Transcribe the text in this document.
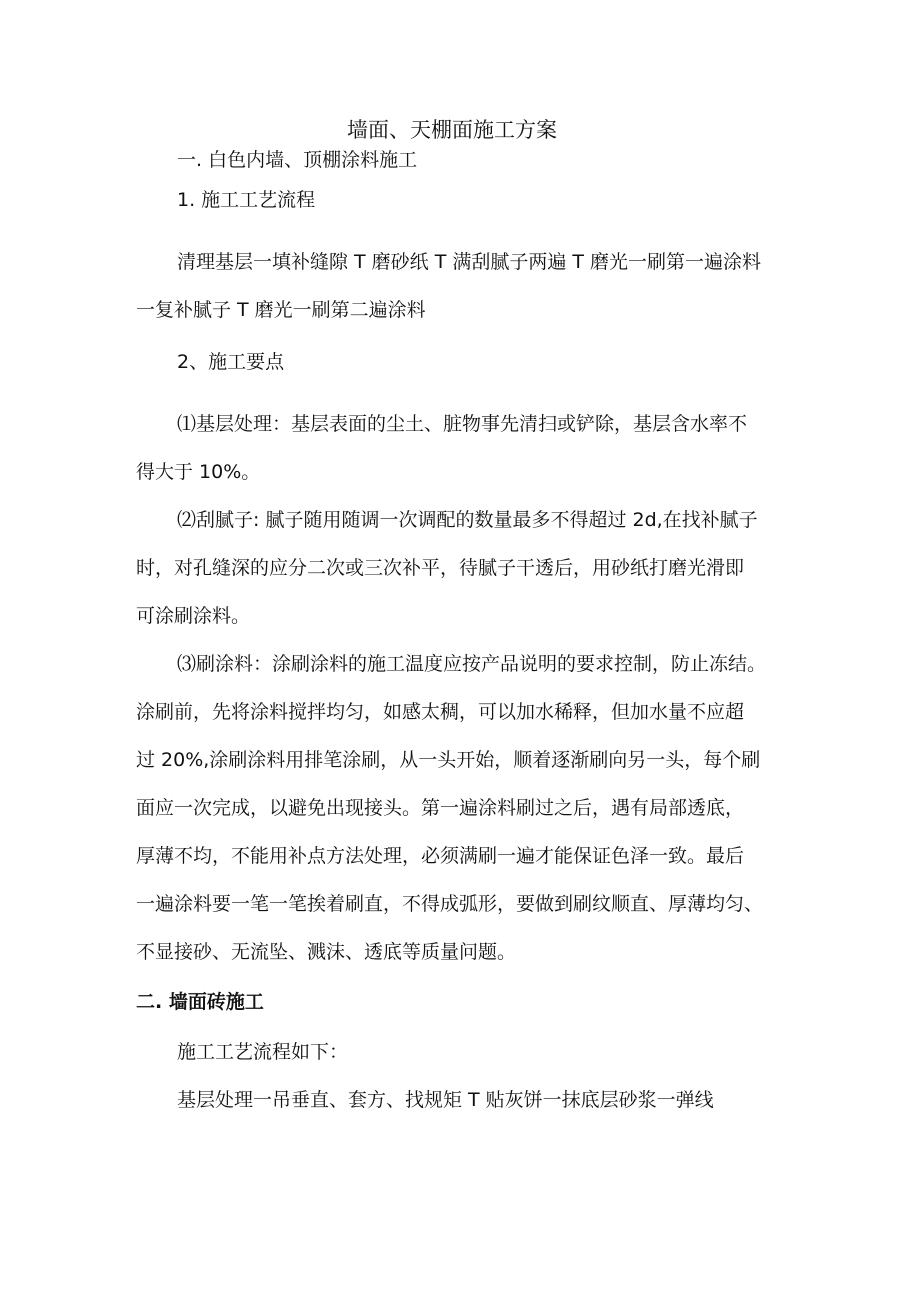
墙面、天棚面施工方案
一. 白色内墙、顶棚涂料施工
1. 施工工艺流程
清理基层一填补缝隙 T 磨砂纸 T 满刮腻子两遍 T 磨光一刷第一遍涂料
一复补腻子 T 磨光一刷第二遍涂料
2、施工要点
⑴基层处理：基层表面的尘土、脏物事先清扫或铲除，基层含水率不
得大于 10%。
⑵刮腻子: 腻子随用随调一次调配的数量最多不得超过 2d,在找补腻子
时，对孔缝深的应分二次或三次补平，待腻子干透后，用砂纸打磨光滑即
可涂刷涂料。
⑶刷涂料：涂刷涂料的施工温度应按产品说明的要求控制，防止冻结。
涂刷前，先将涂料搅拌均匀，如感太稠，可以加水稀释，但加水量不应超
过 20%,涂刷涂料用排笔涂刷，从一头开始，顺着逐渐刷向另一头，每个刷
面应一次完成，以避免出现接头。第一遍涂料刷过之后，遇有局部透底，
厚薄不均，不能用补点方法处理，必须满刷一遍才能保证色泽一致。最后
一遍涂料要一笔一笔挨着刷直，不得成弧形，要做到刷纹顺直、厚薄均匀、
不显接砂、无流坠、溅沫、透底等质量问题。
二. 墙面砖施工
施工工艺流程如下：
基层处理一吊垂直、套方、找规矩 T 贴灰饼一抹底层砂浆一弹线
